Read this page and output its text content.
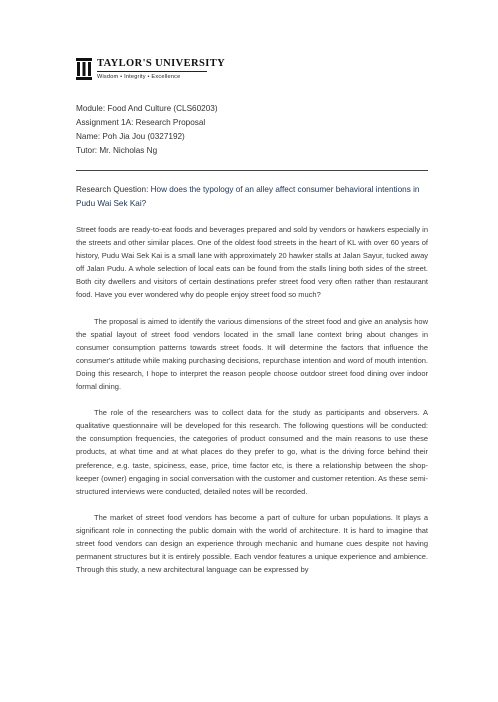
TAYLOR'S UNIVERSITY
Wisdom • Integrity • Excellence
Module: Food And Culture (CLS60203)
Assignment 1A: Research Proposal
Name: Poh Jia Jou (0327192)
Tutor: Mr. Nicholas Ng
Research Question: How does the typology of an alley affect consumer behavioral intentions in Pudu Wai Sek Kai?

Street foods are ready-to-eat foods and beverages prepared and sold by vendors or hawkers especially in the streets and other similar places. One of the oldest food streets in the heart of KL with over 60 years of history, Pudu Wai Sek Kai is a small lane with approximately 20 hawker stalls at Jalan Sayur, tucked away off Jalan Pudu. A whole selection of local eats can be found from the stalls lining both sides of the street. Both city dwellers and visitors of certain destinations prefer street food very often rather than restaurant food. Have you ever wondered why do people enjoy street food so much?

The proposal is aimed to identify the various dimensions of the street food and give an analysis how the spatial layout of street food vendors located in the small lane context bring about changes in consumer consumption patterns towards street foods. It will determine the factors that influence the consumer's attitude while making purchasing decisions, repurchase intention and word of mouth intention. Doing this research, I hope to interpret the reason people choose outdoor street food dining over indoor formal dining.

The role of the researchers was to collect data for the study as participants and observers. A qualitative questionnaire will be developed for this research. The following questions will be conducted: the consumption frequencies, the categories of product consumed and the main reasons to use these products, at what time and at what places do they prefer to go, what is the driving force behind their preference, e.g. taste, spiciness, ease, price, time factor etc, is there a relationship between the shop-keeper (owner) engaging in social conversation with the customer and customer retention. As these semi-structured interviews were conducted, detailed notes will be recorded.

The market of street food vendors has become a part of culture for urban populations. It plays a significant role in connecting the public domain with the world of architecture. It is hard to imagine that street food vendors can design an experience through mechanic and humane cues despite not having permanent structures but it is entirely possible. Each vendor features a unique experience and ambience. Through this study, a new architectural language can be expressed by
